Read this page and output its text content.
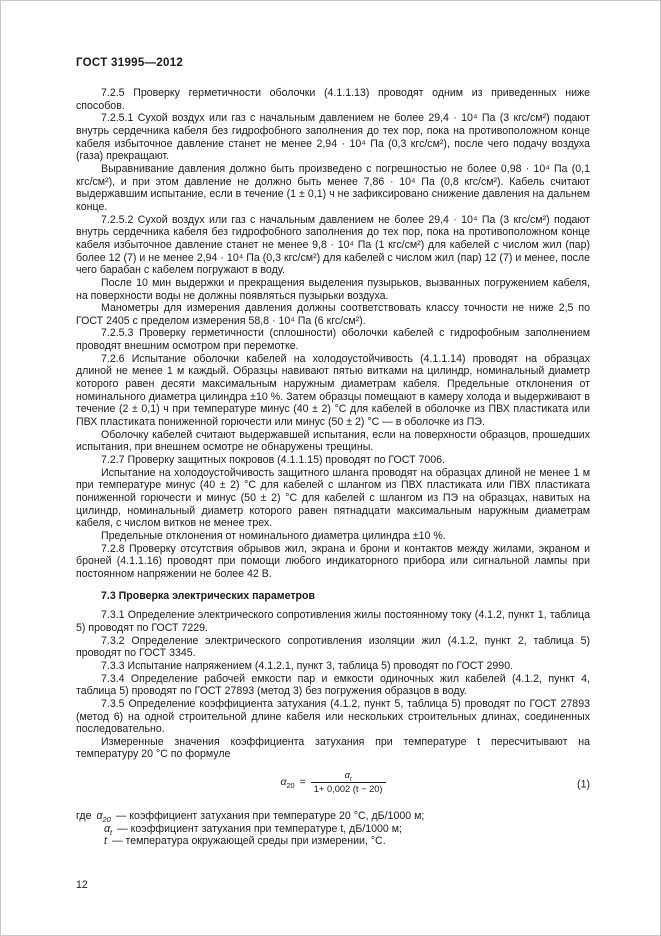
ГОСТ 31995—2012

7.2.5 Проверку герметичности оболочки (4.1.1.13) проводят одним из приведенных ниже способов.

7.2.5.1 Сухой воздух или газ с начальным давлением не более 29,4 · 10⁴ Па (3 кгс/см²) подают внутрь сердечника кабеля без гидрофобного заполнения до тех пор, пока на противоположном конце кабеля избыточное давление станет не менее 2,94 · 10⁴ Па (0,3 кгс/см²), после чего подачу воздуха (газа) прекращают.

Выравнивание давления должно быть произведено с погрешностью не более 0,98 · 10⁴ Па (0,1 кгс/см²), и при этом давление не должно быть менее 7,86 · 10⁴ Па (0,8 кгс/см²). Кабель считают выдержавшим испытание, если в течение (1 ± 0,1) ч не зафиксировано снижение давления на дальнем конце.

7.2.5.2 Сухой воздух или газ с начальным давлением не более 29,4 · 10⁴ Па (3 кгс/см²) подают внутрь сердечника кабеля без гидрофобного заполнения до тех пор, пока на противоположном конце кабеля избыточное давление станет не менее 9,8 · 10⁴ Па (1 кгс/см²) для кабелей с числом жил (пар) более 12 (7) и не менее 2,94 · 10⁴ Па (0,3 кгс/см²) для кабелей с числом жил (пар) 12 (7) и менее, после чего барабан с кабелем погружают в воду.

После 10 мин выдержки и прекращения выделения пузырьков, вызванных погружением кабеля, на поверхности воды не должны появляться пузырьки воздуха.

Манометры для измерения давления должны соответствовать классу точности не ниже 2,5 по ГОСТ 2405 с пределом измерения 58,8 · 10⁴ Па (6 кгс/см²).

7.2.5.3 Проверку герметичности (сплошности) оболочки кабелей с гидрофобным заполнением проводят внешним осмотром при перемотке.

7.2.6 Испытание оболочки кабелей на холодоустойчивость (4.1.1.14) проводят на образцах длиной не менее 1 м каждый. Образцы навивают пятью витками на цилиндр, номинальный диаметр которого равен десяти максимальным наружным диаметрам кабеля. Предельные отклонения от номинального диаметра цилиндра ±10 %. Затем образцы помещают в камеру холода и выдерживают в течение (2 ± 0,1) ч при температуре минус (40 ± 2) °С для кабелей в оболочке из ПВХ пластиката или ПВХ пластиката пониженной горючести или минус (50 ± 2) °С — в оболочке из ПЭ.

Оболочку кабелей считают выдержавшей испытания, если на поверхности образцов, прошедших испытания, при внешнем осмотре не обнаружены трещины.

7.2.7 Проверку защитных покровов (4.1.1.15) проводят по ГОСТ 7006.

Испытание на холодоустойчивость защитного шланга проводят на образцах длиной не менее 1 м при температуре минус (40 ± 2) °С для кабелей с шлангом из ПВХ пластиката или ПВХ пластиката пониженной горючести и минус (50 ± 2) °С для кабелей с шлангом из ПЭ на образцах, навитых на цилиндр, номинальный диаметр которого равен пятнадцати максимальным наружным диаметрам кабеля, с числом витков не менее трех.

Предельные отклонения от номинального диаметра цилиндра ±10 %.

7.2.8 Проверку отсутствия обрывов жил, экрана и брони и контактов между жилами, экраном и броней (4.1.1.16) проводят при помощи любого индикаторного прибора или сигнальной лампы при постоянном напряжении не более 42 В.

7.3 Проверка электрических параметров

7.3.1 Определение электрического сопротивления жилы постоянному току (4.1.2, пункт 1, таблица 5) проводят по ГОСТ 7229.

7.3.2 Определение электрического сопротивления изоляции жил (4.1.2, пункт 2, таблица 5) проводят по ГОСТ 3345.

7.3.3 Испытание напряжением (4.1.2.1, пункт 3, таблица 5) проводят по ГОСТ 2990.

7.3.4 Определение рабочей емкости пар и емкости одиночных жил кабелей (4.1.2, пункт 4, таблица 5) проводят по ГОСТ 27893 (метод 3) без погружения образцов в воду.

7.3.5 Определение коэффициента затухания (4.1.2, пункт 5, таблица 5) проводят по ГОСТ 27893 (метод 6) на одной строительной длине кабеля или нескольких строительных длинах, соединенных последовательно.

Измеренные значения коэффициента затухания при температуре t пересчитывают на температуру 20 °С по формуле

$\alpha_{20} = \frac{\alpha_t}{1+ 0,002 (t - 20)}$	(1)

где $\alpha_{20}$ — коэффициент затухания при температуре 20 °С, дБ/1000 м;

$\alpha_t$ — коэффициент затухания при температуре t, дБ/1000 м;

t — температура окружающей среды при измерении, °С.

12
